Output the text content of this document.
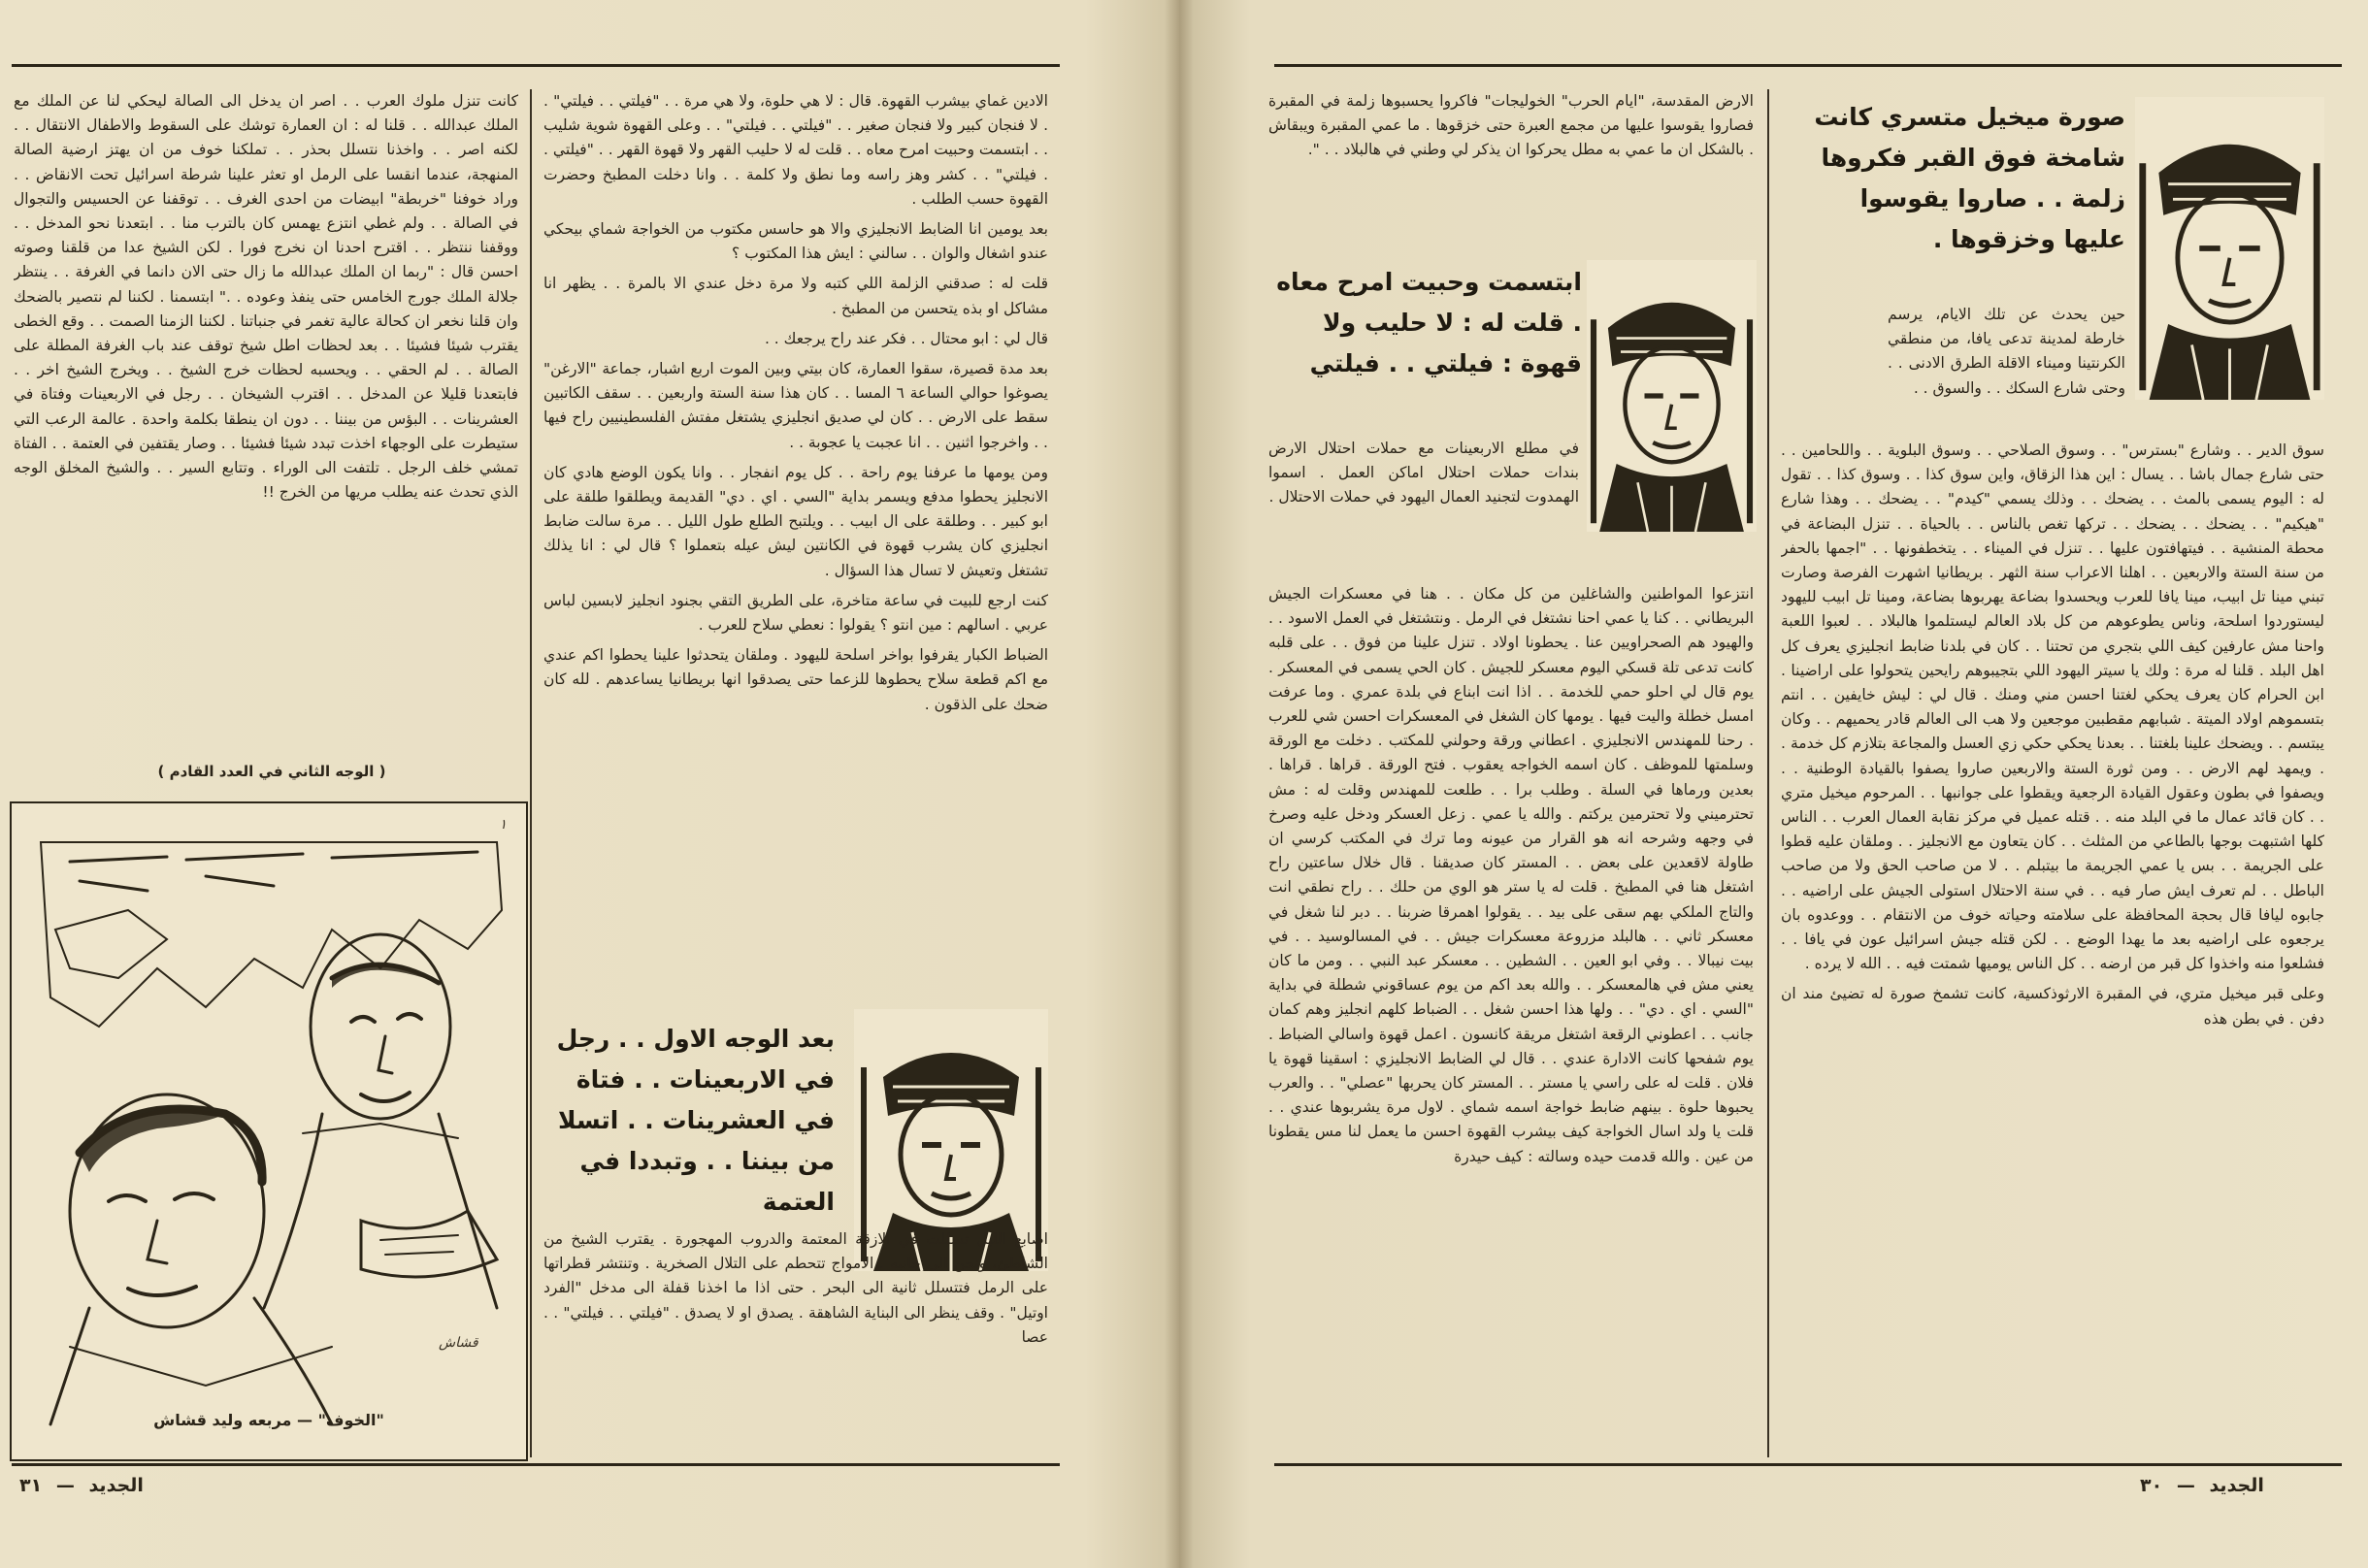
الادين غماي بيشرب القهوة. قال : لا هي حلوة، ولا هي مرة . . "فيلتي . . فيلتي" . . لا فنجان كبير ولا فنجان صغير . . "فيلتي . . فيلتي" . . وعلى القهوة شوية شليب . . ابتسمت وحبيت امرح معاه . . قلت له لا حليب القهر ولا قهوة القهر . . "فيلتي . . فيلتي" . . كشر وهز راسه وما نطق ولا كلمة . . وانا دخلت المطبخ وحضرت القهوة حسب الطلب .

بعد يومين انا الضابط الانجليزي والا هو حاسس مكتوب من الخواجة شماي بيحكي عندو اشغال والوان . . سالني : ايش هذا المكتوب ؟

قلت له : صدقني الزلمة اللي كتبه ولا مرة دخل عندي الا بالمرة . . يظهر انا مشاكل او بذه يتحسن من المطبخ .

قال لي : ابو محتال . . فكر عند راح يرجعك . .

بعد مدة قصيرة، سقوا العمارة، كان بيتي وبين الموت اربع اشبار، جماعة "الارغن" يصوغوا حوالي الساعة ٦ المسا . . كان هذا سنة الستة واربعين . . سقف الكاتبين سقط على الارض . . كان لي صديق انجليزي يشتغل مفتش الفلسطينيين راح فيها . . واخرجوا اثنين . . انا عجبت يا عجوبة . .

ومن يومها ما عرفنا يوم راحة . . كل يوم انفجار . . وانا يكون الوضع هادي كان الانجليز يحطوا مدفع ويسمر بداية "السي . اي . دي" القديمة ويطلقوا طلقة على ابو كبير . . وطلقة على ال ابيب . . ويلتبح الطلع طول الليل . . مرة سالت ضابط انجليزي كان يشرب قهوة في الكانتين ليش عيله بتعملوا ؟ قال لي : انا يذلك تشتغل وتعيش لا تسال هذا السؤال .

كنت ارجع للبيت في ساعة متاخرة، على الطريق التقي بجنود انجليز لابسين لباس عربي . اسالهم : مين انتو ؟ يقولوا : نعطي سلاح للعرب .

الضباط الكبار يقرفوا بواخر اسلحة لليهود . وملقان يتحدثوا علينا يحطوا اكم عندي مع اكم قطعة سلاح يحطوها للزعما حتى يصدقوا انها بريطانيا يساعدهم . لله كان ضحك على الذقون .

كانت تنزل ملوك العرب . . اصر ان يدخل الى الصالة ليحكي لنا عن الملك مع الملك عبدالله . . قلنا له : ان العمارة توشك على السقوط والاطفال الانتقال . . لكنه اصر . . واخذنا نتسلل بحذر . . تملكنا خوف من ان يهتز ارضية الصالة المنهجة، عندما انقسا على الرمل او تعثر علينا شرطة اسرائيل تحت الانقاض . . وراد خوفنا "خربطة" ابيضات من احدى الغرف . . توقفنا عن الحسيس والتجوال في الصالة . . ولم غطي انتزع يهمس كان بالترب منا . . ابتعدنا نحو المدخل . . ووقفنا ننتظر . . اقترح احدنا ان نخرج فورا . لكن الشيخ عدا من قلقنا وصوته احسن قال : "ربما ان الملك عبدالله ما زال حتى الان دانما في الغرفة . . ينتظر جلالة الملك جورج الخامس حتى ينفذ وعوده . ." ابتسمنا . لكننا لم نتصير بالضحك وان قلنا نخعر ان كحالة عالية تغمر في جنباتنا . لكننا الزمنا الصمت . . وقع الخطى يقترب شيئا فشيئا . . بعد لحظات اطل شيخ توقف عند باب الغرفة المطلة على الصالة . . لم الحقي . . ويحسبه لحظات خرج الشيخ . . ويخرج الشيخ اخر . . فابتعدنا قليلا عن المدخل . . اقترب الشيخان . . رجل في الاربعينات وفتاة في العشرينات . . البؤس من بيننا . . دون ان ينطقا بكلمة واحدة . عالمة الرعب التي ستيطرت على الوجهاء اخذت تبدد شيئا فشيئا . . وصار يقتفين في العتمة . . الفتاة تمشي خلف الرجل . تلتفت الى الوراء . وتتابع السير . . والشيخ المخلق الوجه الذي تحدث عنه يطلب مريها من الخرج !!

( الوجه الثاني في العدد القادم )
١
قشاش
"الخوف" — مربعه وليد قشاش
بعد الوجه الاول . . رجل في الاربعينات . . فتاة في العشرينات . . اتسلا من بيننا . . وتبددا في العتمة

اصابع الليل تسللت في الازقة المعتمة والدروب المهجورة . يقترب الشيخ من الشاطئ، ونحن الى جانبه . الامواج تتحطم على التلال الصخرية . وتنتشر قطراتها على الرمل فتتسلل ثانية الى البحر . حتى اذا ما اخذنا قفلة الى مدخل "الفرد اوتيل" . وقف ينظر الى البناية الشاهقة . يصدق او لا يصدق . "فيلتي . . فيلتي" . . عصا

الجديد — ٣١
صورة ميخيل متسري كانت شامخة فوق القبر فكروها زلمة . . صاروا يقوسوا عليها وخزقوها .

حين يحدث عن تلك الايام، يرسم خارطة لمدينة تدعى يافا، من منطقي الكرنتينا وميناء الاقلة الطرق الادنى . . وحتى شارع السكك . . والسوق . .

سوق الدير . . وشارع "بسترس" . . وسوق الصلاحي . . وسوق البلوية . . واللحامين . . حتى شارع جمال باشا . . يسال : اين هذا الزقاق، واين سوق كذا . . وسوق كذا . . تقول له : اليوم يسمى بالمث . . يضحك . . وذلك يسمي "كيدم" . . يضحك . . وهذا شارع "هيكيم" . . يضحك . . يضحك . . تركها تغص بالناس . . بالحياة . . تنزل البضاعة في محطة المنشية . . فيتهافتون عليها . . تنزل في الميناء . . يتخطفونها . . "اجمها بالحفر من سنة الستة والاربعين . . اهلنا الاعراب سنة الثهر . بريطانيا اشهرت الفرصة وصارت تبني مينا تل ابيب، مينا يافا للعرب ويحسدوا بضاعة يهربوها بضاعة، ومينا تل ابيب لليهود ليستوردوا اسلحة، وناس يطوعوهم من كل بلاد العالم ليستلموا هالبلاد . . لعبوا اللعبة واحنا مش عارفين كيف اللي بتجري من تحتنا . . كان في بلدنا ضابط انجليزي يعرف كل اهل البلد . قلنا له مرة : ولك يا سيتر اليهود اللي بتجيبوهم رايحين يتحولوا على اراضينا . ابن الحرام كان يعرف يحكي لغتنا احسن مني ومنك . قال لي : ليش خايفين . . انتم بتسموهم اولاد الميتة . شبابهم مقطبين موجعين ولا هب الى العالم قادر يحميهم . . وكان يبتسم . . ويضحك علينا بلغتنا . . بعدنا يحكي حكي زي العسل والمجاعة بتلازم كل خدمة . . ويمهد لهم الارض . . ومن ثورة الستة والاربعين صاروا يصفوا بالقيادة الوطنية . . ويصفوا في بطون وعقول القيادة الرجعية ويقطوا على جوانبها . . المرحوم ميخيل متري . . كان قائد عمال ما في البلد منه . . قتله عميل في مركز نقابة العمال العرب . . الناس كلها اشتبهت بوجها بالطاعي من المثلث . . كان يتعاون مع الانجليز . . وملقان عليه قطوا على الجريمة . . بس يا عمي الجريمة ما بيتبلم . . لا من صاحب الحق ولا من صاحب الباطل . . لم تعرف ايش صار فيه . . في سنة الاحتلال استولى الجيش على اراضيه . . جابوه ليافا قال بحجة المحافظة على سلامته وحياته خوف من الانتقام . . ووعدوه بان يرجعوه على اراضيه بعد ما يهدا الوضع . . لكن قتله جيش اسرائيل عون في يافا . . فشلعوا منه واخذوا كل قبر من ارضه . . كل الناس يوميها شمتت فيه . . الله لا يرده .

وعلى قبر ميخيل متري، في المقبرة الارثوذكسية، كانت تشمخ صورة له تضيئ مند ان دفن . في بطن هذه

الارض المقدسة، "ايام الحرب" الخوليجات" فاكروا يحسبوها زلمة في المقبرة فصاروا يقوسوا عليها من مجمع العبرة حتى خزقوها . ما عمي المقبرة ويبقاش . بالشكل ان ما عمي به مطل يحركوا ان يذكر لي وطني في هالبلاد . . ".

ابتسمت وحبيت امرح معاه . قلت له : لا حليب ولا قهوة : فيلتي . . فيلتي

في مطلع الاربعينات مع حملات احتلال الارض بندات حملات احتلال اماكن العمل . اسموا الهمدوت لتجنيد العمال اليهود في حملات الاحتلال .

انتزعوا المواطنين والشاغلين من كل مكان . . هنا في معسكرات الجيش البريطاني . . كنا يا عمي احنا نشتغل في الرمل . ونتشتغل في العمل الاسود . . والهيود هم الصحراويين عنا . يحطونا اولاد . تنزل علينا من فوق . . على قلبه كانت تدعى تلة قسكي اليوم معسكر للجيش . كان الحي يسمى في المعسكر . يوم قال لي احلو حمي للخدمة . . اذا انت ابناع في بلدة عمري . وما عرفت امسل خطلة واليت فيها . يومها كان الشغل في المعسكرات احسن شي للعرب . رحنا للمهندس الانجليزي . اعطاني ورقة وحولني للمكتب . دخلت مع الورقة وسلمتها للموظف . كان اسمه الخواجه يعقوب . فتح الورقة . قراها . قراها . بعدين ورماها في السلة . وطلب برا . . طلعت للمهندس وقلت له : مش تحترميني ولا تحترمين يركتم . والله يا عمي . زعل العسكر ودخل عليه وصرخ في وجهه وشرحه انه هو القرار من عيونه وما ترك في المكتب كرسي ان طاولة لاقعدين على بعض . . المستر كان صديقنا . قال خلال ساعتين راح اشتغل هنا في المطبخ . قلت له يا ستر هو الوي من حلك . . راح نطقي انت والتاج الملكي بهم سقى على بيد . . يقولوا اهمرقا ضربنا . . دبر لنا شغل في معسكر ثاني . . هالبلد مزروعة معسكرات جيش . . في المسالوسيد . . في بيت نيبالا . . وفي ابو العين . . الشطين . . معسكر عبد النبي . . ومن ما كان يعني مش في هالمعسكر . . والله بعد اكم من يوم عساقوني شطلة في بداية "السي . اي . دي" . . ولها هذا احسن شغل . . الضباط كلهم انجليز وهم كمان جانب . . اعطوني الرقعة اشتغل مريقة كانسون . اعمل قهوة واسالي الضباط . يوم شفحها كانت الادارة عندي . . قال لي الضابط الانجليزي : اسقينا قهوة يا فلان . قلت له على راسي يا مستر . . المستر كان يحربها "عصلي" . . والعرب يحبوها حلوة . بينهم ضابط خواجة اسمه شماي . لاول مرة يشربوها عندي . . قلت يا ولد اسال الخواجة كيف بيشرب القهوة احسن ما يعمل لنا مس يقطونا من عين . والله قدمت حيده وسالته : كيف حيدرة

الجديد — ٣٠
